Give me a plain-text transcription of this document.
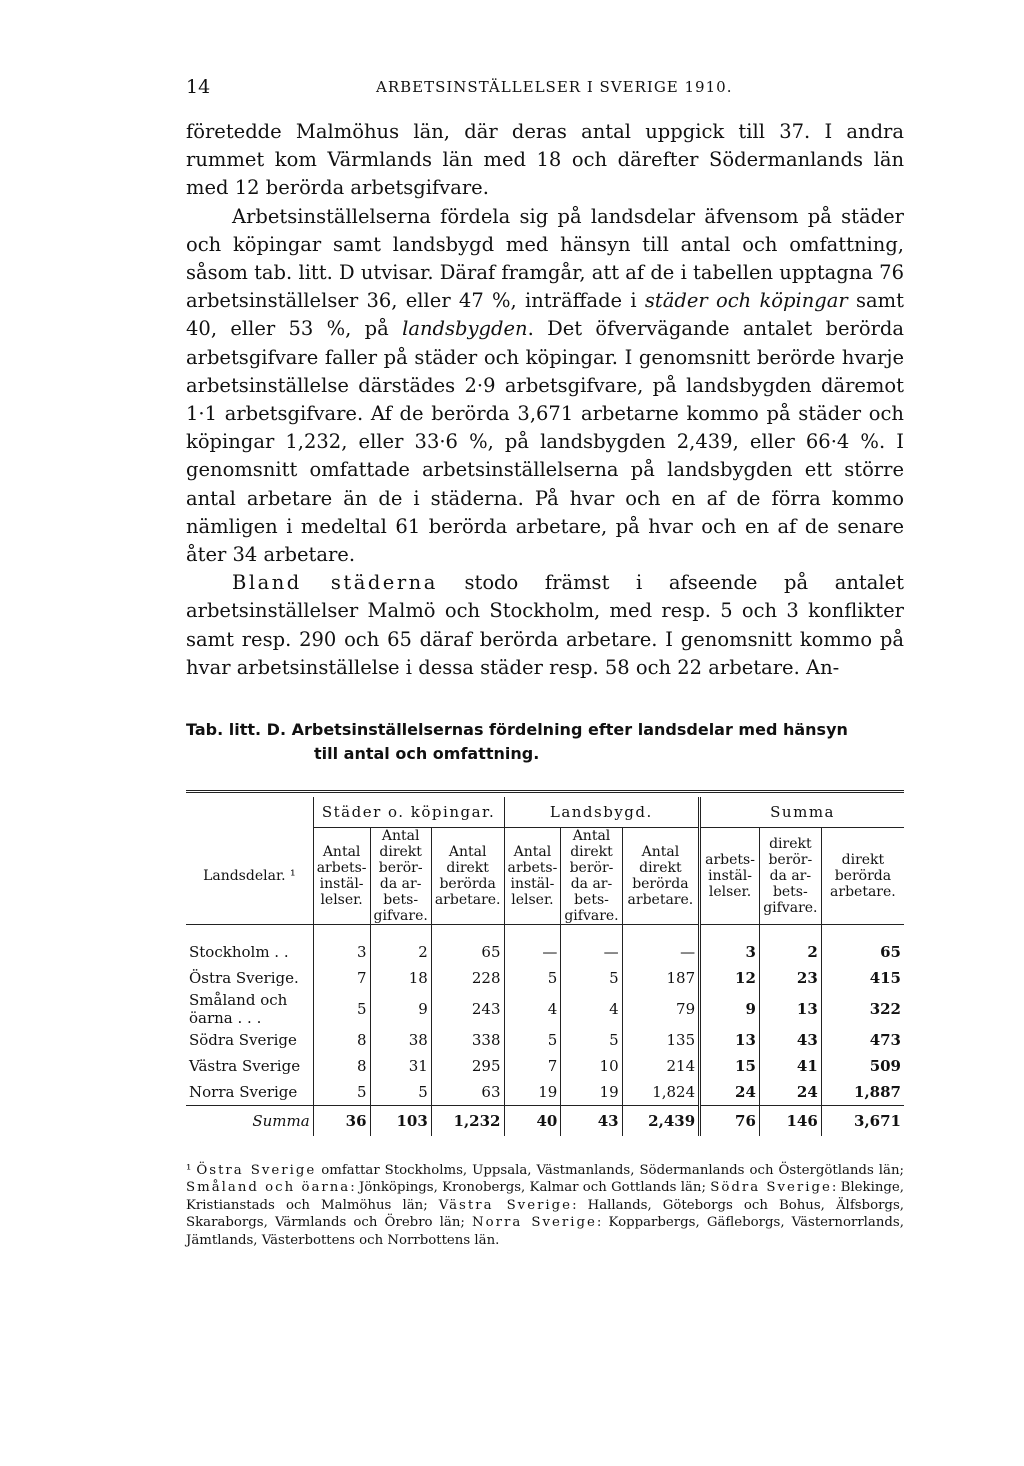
14	ARBETSINSTÄLLELSER I SVERIGE 1910.

företedde Malmöhus län, där deras antal uppgick till 37. I andra rummet kom Värmlands län med 18 och därefter Södermanlands län med 12 berörda arbetsgifvare.

Arbetsinställelserna fördela sig på landsdelar äfvensom på städer och köpingar samt landsbygd med hänsyn till antal och omfattning, såsom tab. litt. D utvisar. Däraf framgår, att af de i tabellen upptagna 76 arbetsinställelser 36, eller 47 %, inträffade i städer och köpingar samt 40, eller 53 %, på landsbygden. Det öfvervägande antalet berörda arbetsgifvare faller på städer och köpingar. I genomsnitt berörde hvarje arbetsinställelse därstädes 2·9 arbetsgifvare, på landsbygden däremot 1·1 arbetsgifvare. Af de berörda 3,671 arbetarne kommo på städer och köpingar 1,232, eller 33·6 %, på landsbygden 2,439, eller 66·4 %. I genomsnitt omfattade arbetsinställelserna på landsbygden ett större antal arbetare än de i städerna. På hvar och en af de förra kommo nämligen i medeltal 61 berörda arbetare, på hvar och en af de senare åter 34 arbetare.

Bland städerna stodo främst i afseende på antalet arbetsinställelser Malmö och Stockholm, med resp. 5 och 3 konflikter samt resp. 290 och 65 däraf berörda arbetare. I genomsnitt kommo på hvar arbetsinställelse i dessa städer resp. 58 och 22 arbetare. An-

Tab. litt. D. Arbetsinställelsernas fördelning efter landsdelar med hänsyn
till antal och omfattning.

	Städer o. köpingar.			Landsbygd.			Summa		
Landsdelar. ¹	Antal arbets-instäl-lelser.	Antal direkt berör-da ar-bets-gifvare.	Antal direkt berörda arbetare.	Antal arbets-instäl-lelser.	Antal direkt berör-da ar-bets-gifvare.	Antal direkt berörda arbetare.	arbets-instäl-lelser.	direkt berör-da ar-bets-gifvare.	direkt berörda arbetare.
Stockholm . .	3	2	65	—	—	—	3	2	65
Östra Sverige.	7	18	228	5	5	187	12	23	415
Småland och öarna . . .	5	9	243	4	4	79	9	13	322
Södra Sverige	8	38	338	5	5	135	13	43	473
Västra Sverige	8	31	295	7	10	214	15	41	509
Norra Sverige	5	5	63	19	19	1,824	24	24	1,887
Summa	36	103	1,232	40	43	2,439	76	146	3,671
¹ Östra Sverige omfattar Stockholms, Uppsala, Västmanlands, Södermanlands och Östergötlands län; Småland och öarna: Jönköpings, Kronobergs, Kalmar och Gottlands län; Södra Sverige: Blekinge, Kristianstads och Malmöhus län; Västra Sverige: Hallands, Göteborgs och Bohus, Älfsborgs, Skaraborgs, Värmlands och Örebro län; Norra Sverige: Kopparbergs, Gäfleborgs, Västernorrlands, Jämtlands, Västerbottens och Norrbottens län.
